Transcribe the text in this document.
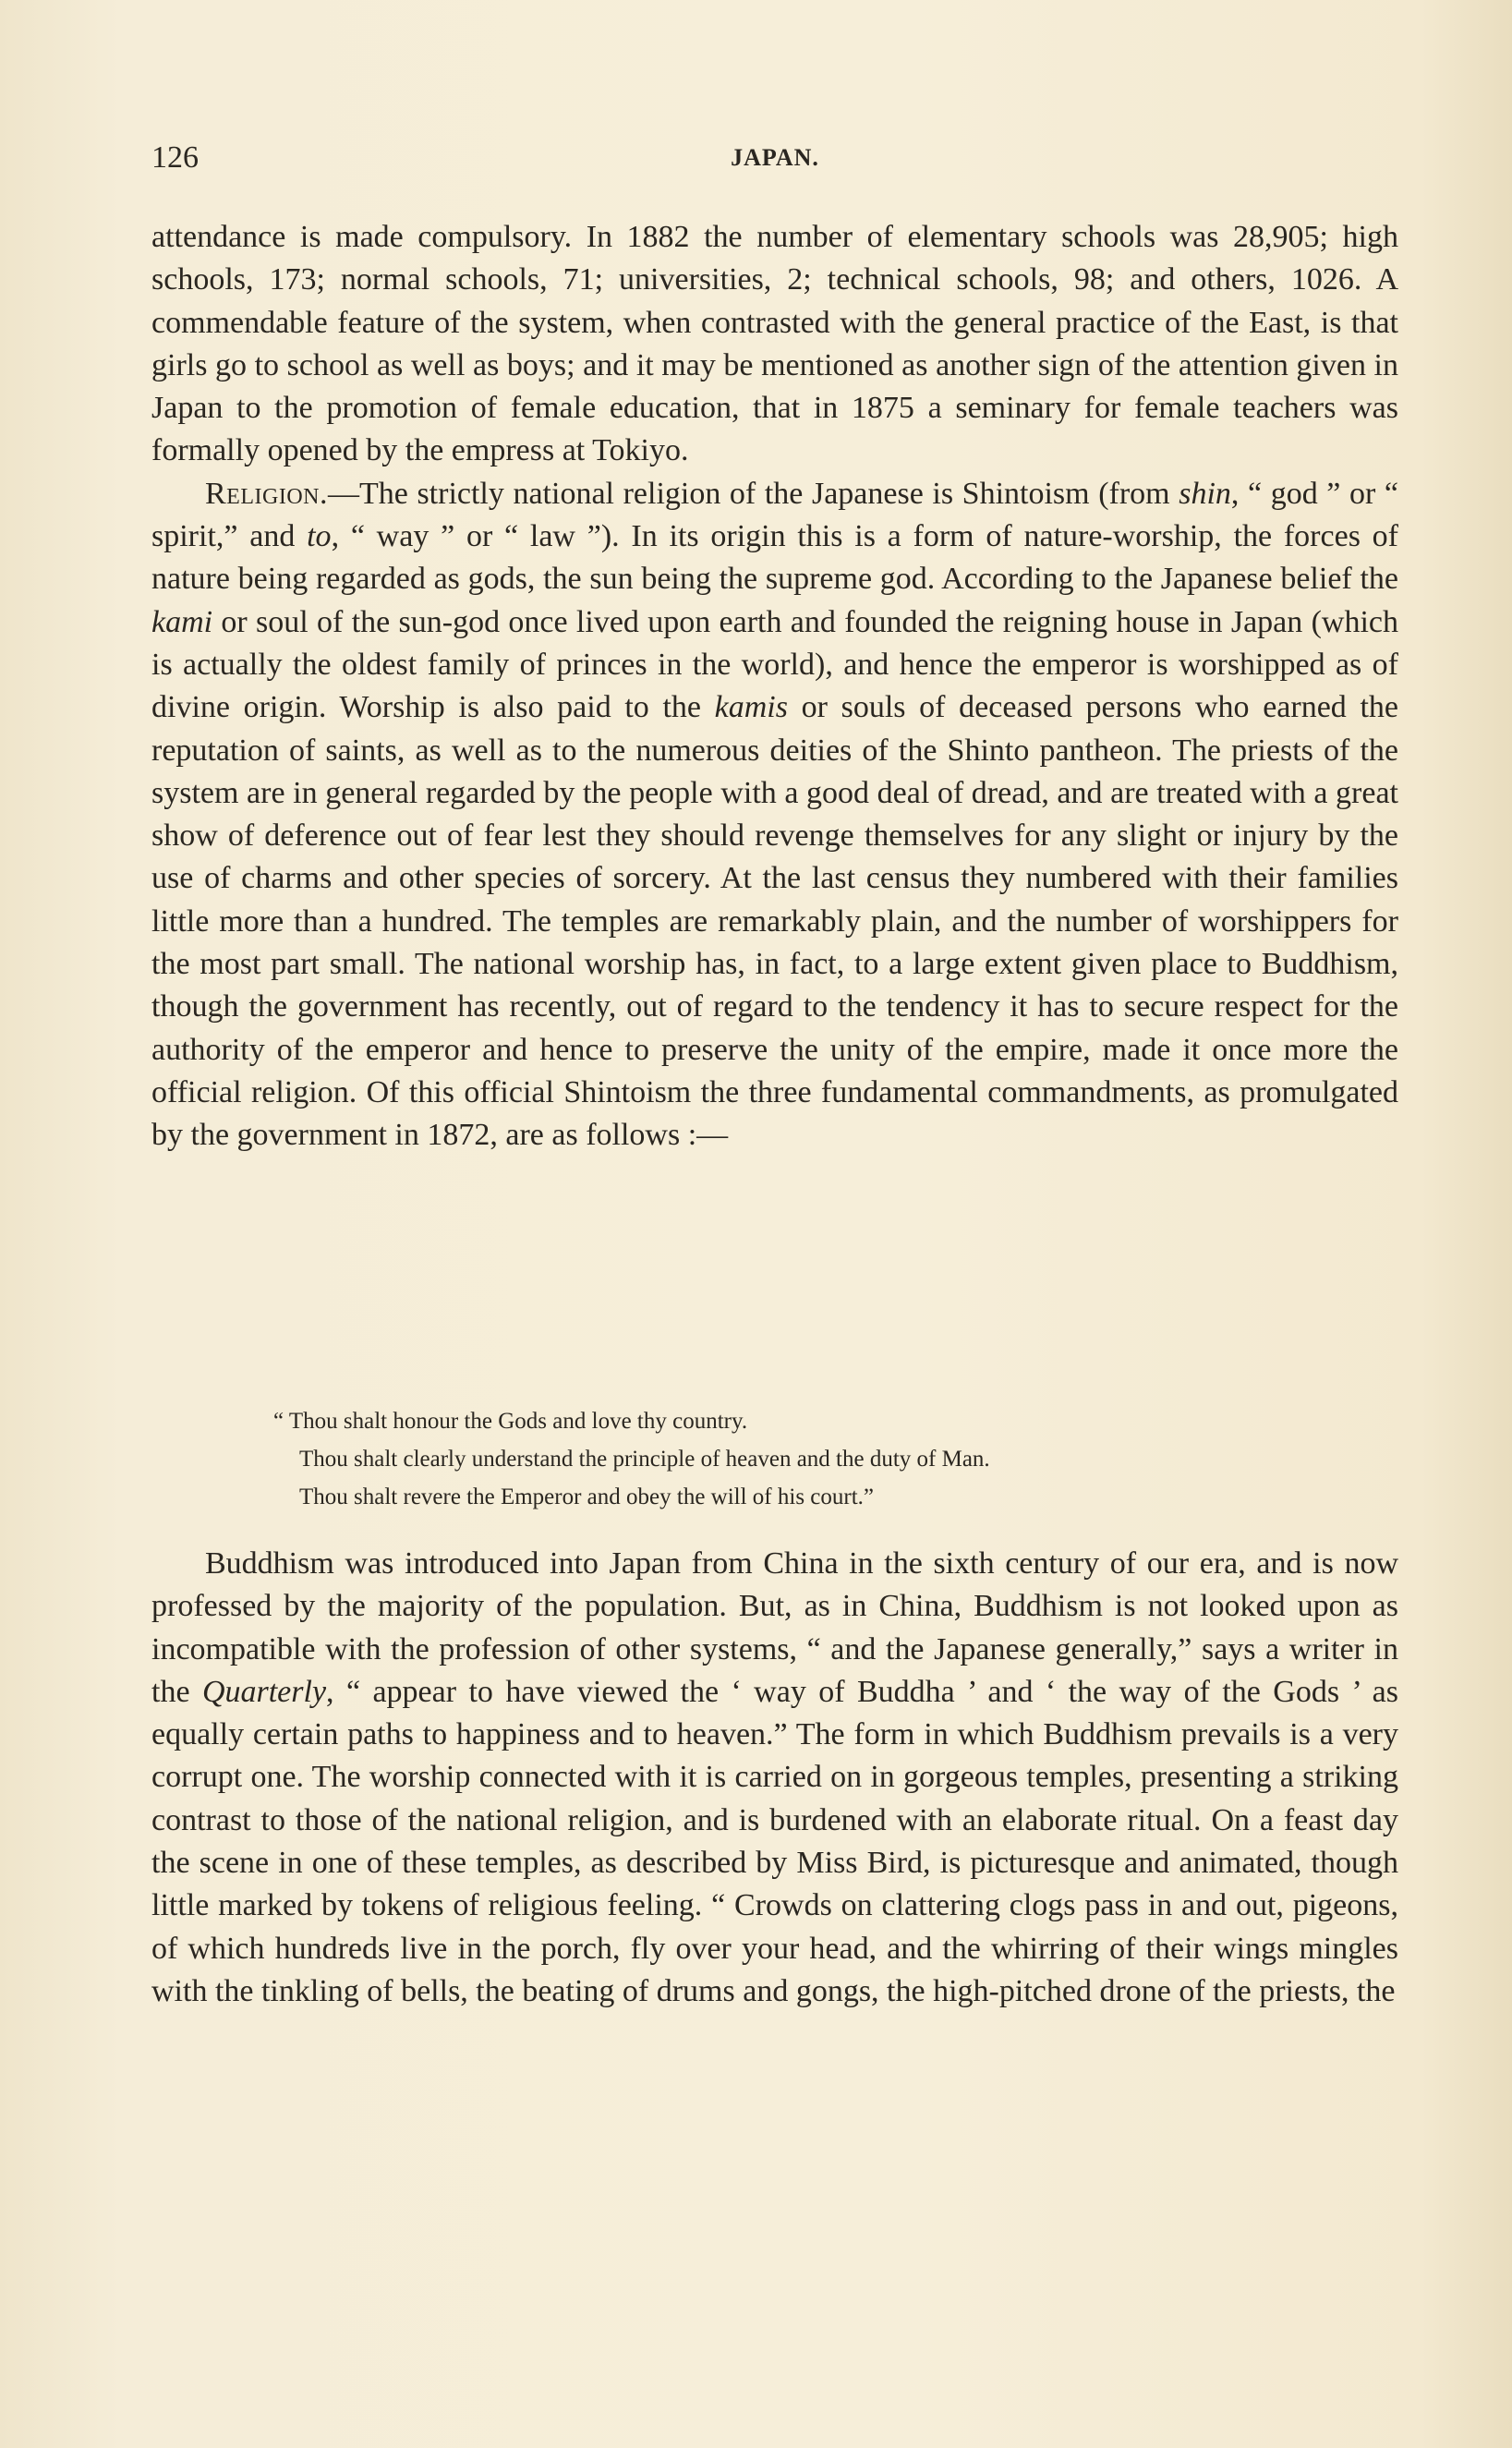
126	JAPAN.

attendance is made compulsory. In 1882 the number of elementary schools was 28,905; high schools, 173; normal schools, 71; universities, 2; technical schools, 98; and others, 1026. A commendable feature of the system, when contrasted with the general practice of the East, is that girls go to school as well as boys; and it may be mentioned as another sign of the attention given in Japan to the promotion of female education, that in 1875 a seminary for female teachers was formally opened by the empress at Tokiyo.

Religion.—The strictly national religion of the Japanese is Shintoism (from shin, “ god ” or “ spirit,” and to, “ way ” or “ law ”). In its origin this is a form of nature-worship, the forces of nature being regarded as gods, the sun being the supreme god. According to the Japanese belief the kami or soul of the sun-god once lived upon earth and founded the reigning house in Japan (which is actually the oldest family of princes in the world), and hence the emperor is worshipped as of divine origin. Worship is also paid to the kamis or souls of deceased persons who earned the reputation of saints, as well as to the numerous deities of the Shinto pantheon. The priests of the system are in general regarded by the people with a good deal of dread, and are treated with a great show of deference out of fear lest they should revenge themselves for any slight or injury by the use of charms and other species of sorcery. At the last census they numbered with their families little more than a hundred. The temples are remarkably plain, and the number of worshippers for the most part small. The national worship has, in fact, to a large extent given place to Buddhism, though the government has recently, out of regard to the tendency it has to secure respect for the authority of the emperor and hence to preserve the unity of the empire, made it once more the official religion. Of this official Shintoism the three fundamental commandments, as promulgated by the government in 1872, are as follows :—

“ Thou shalt honour the Gods and love thy country.

Thou shalt clearly understand the principle of heaven and the duty of Man.

Thou shalt revere the Emperor and obey the will of his court.”

Buddhism was introduced into Japan from China in the sixth century of our era, and is now professed by the majority of the population. But, as in China, Buddhism is not looked upon as incompatible with the profession of other systems, “ and the Japanese generally,” says a writer in the Quarterly, “ appear to have viewed the ‘ way of Buddha ’ and ‘ the way of the Gods ’ as equally certain paths to happiness and to heaven.” The form in which Buddhism prevails is a very corrupt one. The worship connected with it is carried on in gorgeous temples, presenting a striking contrast to those of the national religion, and is burdened with an elaborate ritual. On a feast day the scene in one of these temples, as described by Miss Bird, is picturesque and animated, though little marked by tokens of religious feeling. “ Crowds on clattering clogs pass in and out, pigeons, of which hundreds live in the porch, fly over your head, and the whirring of their wings mingles with the tinkling of bells, the beating of drums and gongs, the high-pitched drone of the priests, the
